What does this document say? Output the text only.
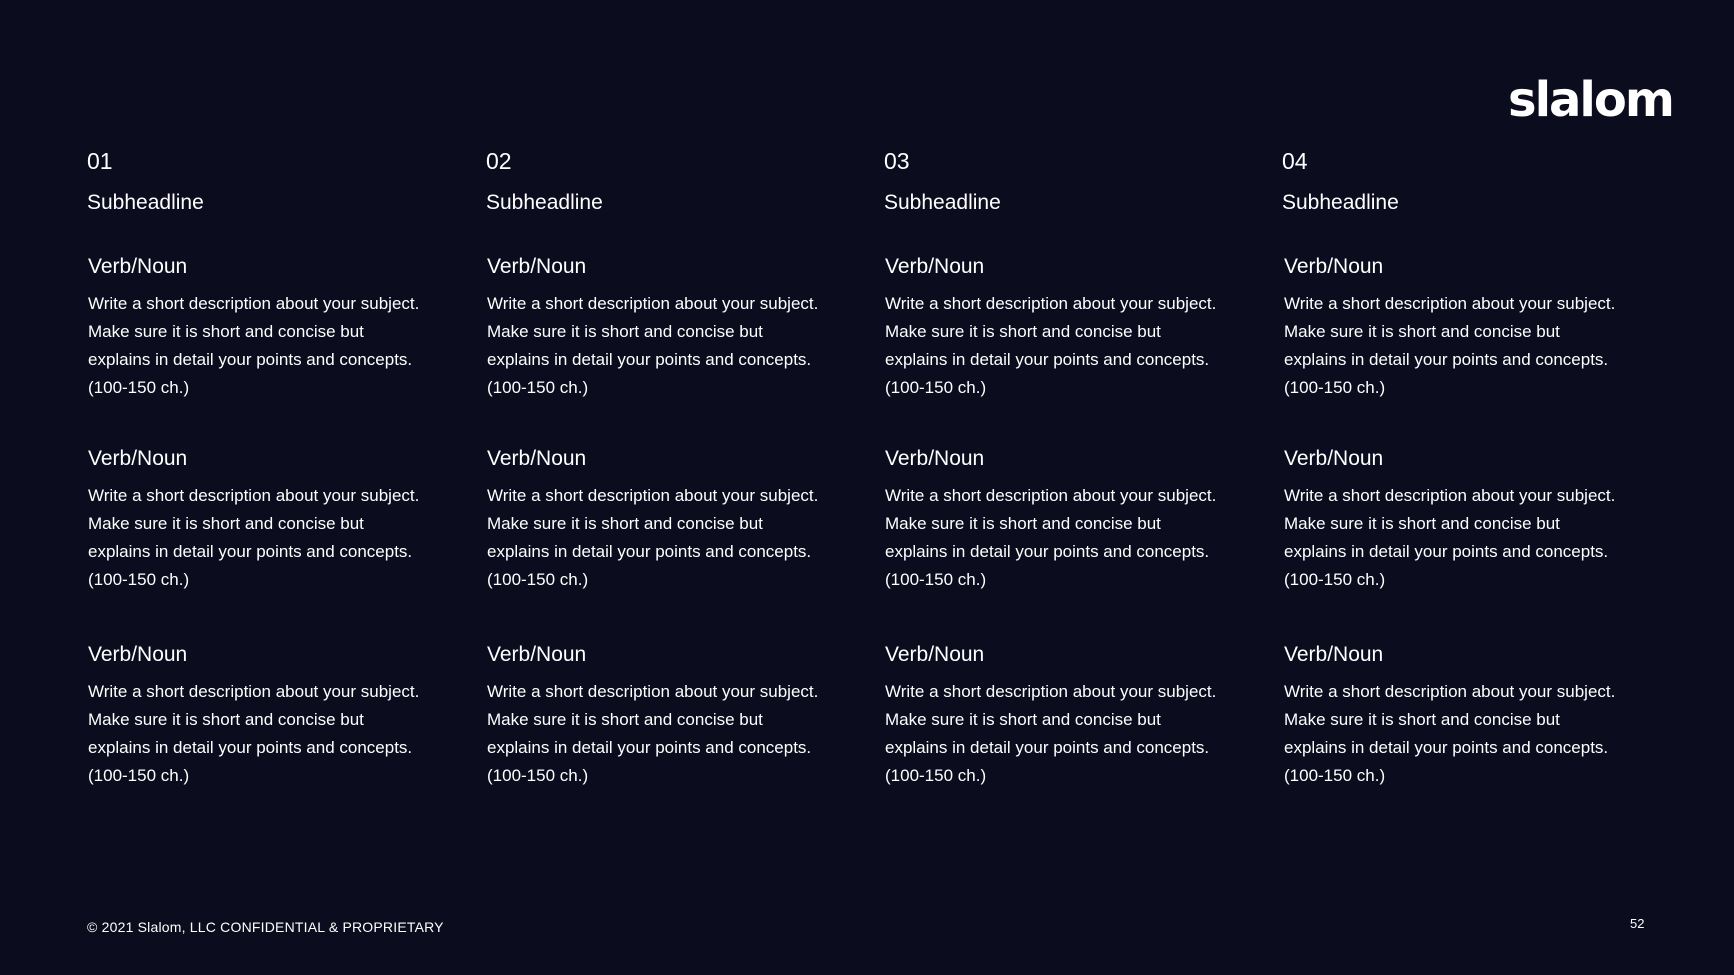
slalom
01
Subheadline
Verb/Noun
Write a short description about your subject.
Make sure it is short and concise but
explains in detail your points and concepts.
(100-150 ch.)
Verb/Noun
Write a short description about your subject.
Make sure it is short and concise but
explains in detail your points and concepts.
(100-150 ch.)
Verb/Noun
Write a short description about your subject.
Make sure it is short and concise but
explains in detail your points and concepts.
(100-150 ch.)
02
Subheadline
Verb/Noun
Write a short description about your subject.
Make sure it is short and concise but
explains in detail your points and concepts.
(100-150 ch.)
Verb/Noun
Write a short description about your subject.
Make sure it is short and concise but
explains in detail your points and concepts.
(100-150 ch.)
Verb/Noun
Write a short description about your subject.
Make sure it is short and concise but
explains in detail your points and concepts.
(100-150 ch.)
03
Subheadline
Verb/Noun
Write a short description about your subject.
Make sure it is short and concise but
explains in detail your points and concepts.
(100-150 ch.)
Verb/Noun
Write a short description about your subject.
Make sure it is short and concise but
explains in detail your points and concepts.
(100-150 ch.)
Verb/Noun
Write a short description about your subject.
Make sure it is short and concise but
explains in detail your points and concepts.
(100-150 ch.)
04
Subheadline
Verb/Noun
Write a short description about your subject.
Make sure it is short and concise but
explains in detail your points and concepts.
(100-150 ch.)
Verb/Noun
Write a short description about your subject.
Make sure it is short and concise but
explains in detail your points and concepts.
(100-150 ch.)
Verb/Noun
Write a short description about your subject.
Make sure it is short and concise but
explains in detail your points and concepts.
(100-150 ch.)
© 2021 Slalom, LLC CONFIDENTIAL & PROPRIETARY	52
